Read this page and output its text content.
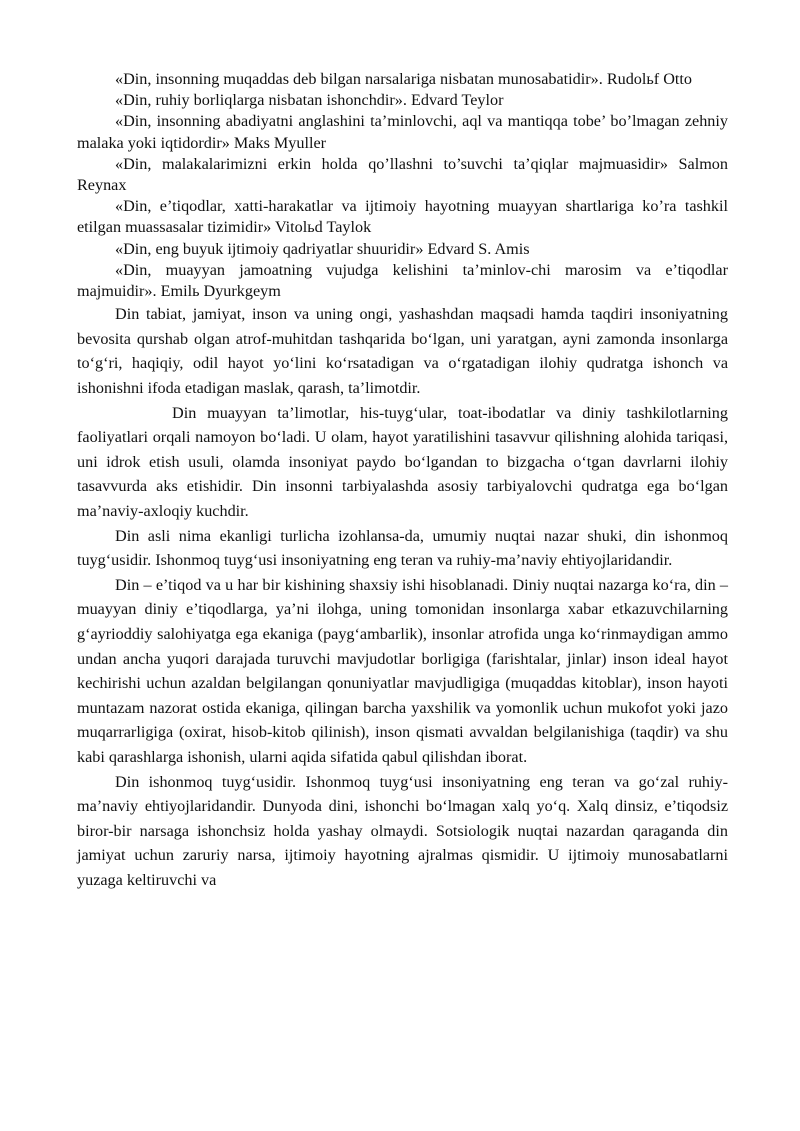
«Din, insonning muqaddas deb bilgan narsalariga nisbatan munosabatidir». Rudolьf Otto

«Din, ruhiy borliqlarga nisbatan ishonchdir». Edvard Teylor

«Din, insonning abadiyatni anglashini ta’minlovchi, aql va mantiqqa tobe’ bo’lmagan zehniy malaka yoki iqtidordir» Maks Myuller

«Din, malakalarimizni erkin holda qo’llashni to’suvchi ta’qiqlar majmuasidir» Salmon Reynax

«Din, e’tiqodlar, xatti-harakatlar va ijtimoiy hayotning muayyan shartlariga ko’ra tashkil etilgan muassasalar tizimidir» Vitolьd Taylok

«Din, eng buyuk ijtimoiy qadriyatlar shuuridir» Edvard S. Amis

«Din, muayyan jamoatning vujudga kelishini ta’minlov-chi marosim va e’tiqodlar majmuidir». Emilь Dyurkgeym

Din tabiat, jamiyat, inson va uning ongi, yashashdan maqsadi hamda taqdiri insoniyatning bevosita qurshab olgan atrof-muhitdan tashqarida bo‘lgan, uni yaratgan, ayni zamonda insonlarga to‘g‘ri, haqiqiy, odil hayot yo‘lini ko‘rsatadigan va o‘rgatadigan ilohiy qudratga ishonch va ishonishni ifoda etadigan maslak, qarash, ta’limotdir.

Din muayyan ta’limotlar, his-tuyg‘ular, toat-ibodatlar va diniy tashkilotlarning faoliyatlari orqali namoyon bo‘ladi. U olam, hayot yaratilishini tasavvur qilishning alohida tariqasi, uni idrok etish usuli, olamda insoniyat paydo bo‘lgandan to bizgacha o‘tgan davrlarni ilohiy tasavvurda aks etishidir. Din insonni tarbiyalashda asosiy tarbiyalovchi qudratga ega bo‘lgan ma’naviy-axloqiy kuchdir.

Din asli nima ekanligi turlicha izohlansa-da, umumiy nuqtai nazar shuki, din ishonmoq tuyg‘usidir. Ishonmoq tuyg‘usi insoniyatning eng teran va ruhiy-ma’naviy ehtiyojlaridandir.

Din – e’tiqod va u har bir kishining shaxsiy ishi hisoblanadi. Diniy nuqtai nazarga ko‘ra, din – muayyan diniy e’tiqodlarga, ya’ni ilohga, uning tomonidan insonlarga xabar etkazuvchilarning g‘ayrioddiy salohiyatga ega ekaniga (payg‘ambarlik), insonlar atrofida unga ko‘rinmaydigan ammo undan ancha yuqori darajada turuvchi mavjudotlar borligiga (farishtalar, jinlar) inson ideal hayot kechirishi uchun azaldan belgilangan qonuniyatlar mavjudligiga (muqaddas kitoblar), inson hayoti muntazam nazorat ostida ekaniga, qilingan barcha yaxshilik va yomonlik uchun mukofot yoki jazo muqarrarligiga (oxirat, hisob-kitob qilinish), inson qismati avvaldan belgilanishiga (taqdir) va shu kabi qarashlarga ishonish, ularni aqida sifatida qabul qilishdan iborat.

Din ishonmoq tuyg‘usidir. Ishonmoq tuyg‘usi insoniyatning eng teran va go‘zal ruhiy-ma’naviy ehtiyojlaridandir. Dunyoda dini, ishonchi bo‘lmagan xalq yo‘q. Xalq dinsiz, e’tiqodsiz biror-bir narsaga ishonchsiz holda yashay olmaydi. Sotsiologik nuqtai nazardan qaraganda din jamiyat uchun zaruriy narsa, ijtimoiy hayotning ajralmas qismidir. U ijtimoiy munosabatlarni yuzaga keltiruvchi va
